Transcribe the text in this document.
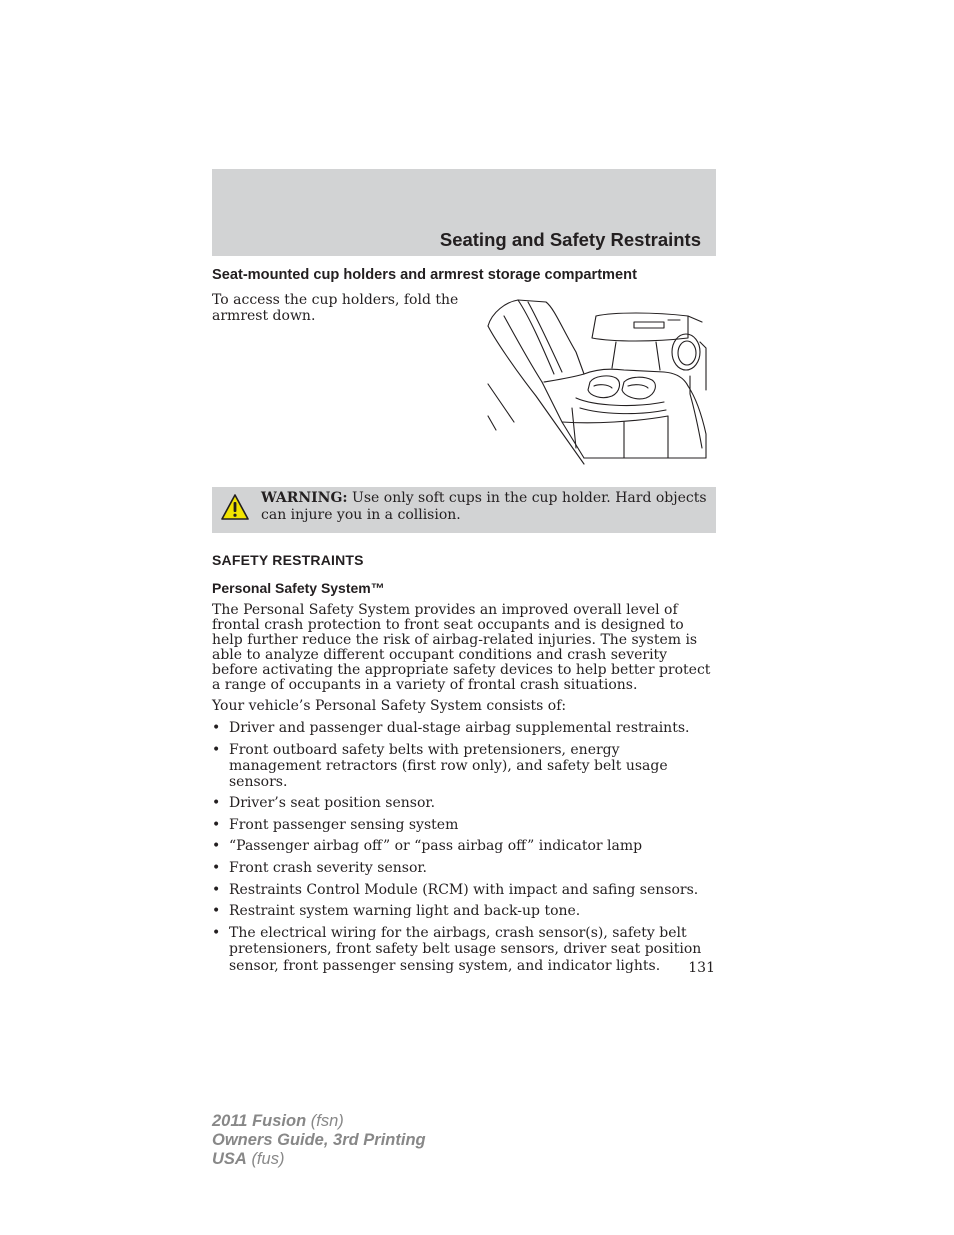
Seating and Safety Restraints
Seat-mounted cup holders and armrest storage compartment
To access the cup holders, fold the armrest down.
WARNING: Use only soft cups in the cup holder. Hard objects can injure you in a collision.
SAFETY RESTRAINTS
Personal Safety System™
The Personal Safety System provides an improved overall level of frontal crash protection to front seat occupants and is designed to help further reduce the risk of airbag-related injuries. The system is able to analyze different occupant conditions and crash severity before activating the appropriate safety devices to help better protect a range of occupants in a variety of frontal crash situations.
Your vehicle’s Personal Safety System consists of:
• Driver and passenger dual-stage airbag supplemental restraints.
• Front outboard safety belts with pretensioners, energy management retractors (first row only), and safety belt usage sensors.
• Driver’s seat position sensor.
• Front passenger sensing system
• “Passenger airbag off” or “pass airbag off” indicator lamp
• Front crash severity sensor.
• Restraints Control Module (RCM) with impact and safing sensors.
• Restraint system warning light and back-up tone.
• The electrical wiring for the airbags, crash sensor(s), safety belt pretensioners, front safety belt usage sensors, driver seat position sensor, front passenger sensing system, and indicator lights.	131
2011 Fusion (fsn)
Owners Guide, 3rd Printing
USA (fus)
